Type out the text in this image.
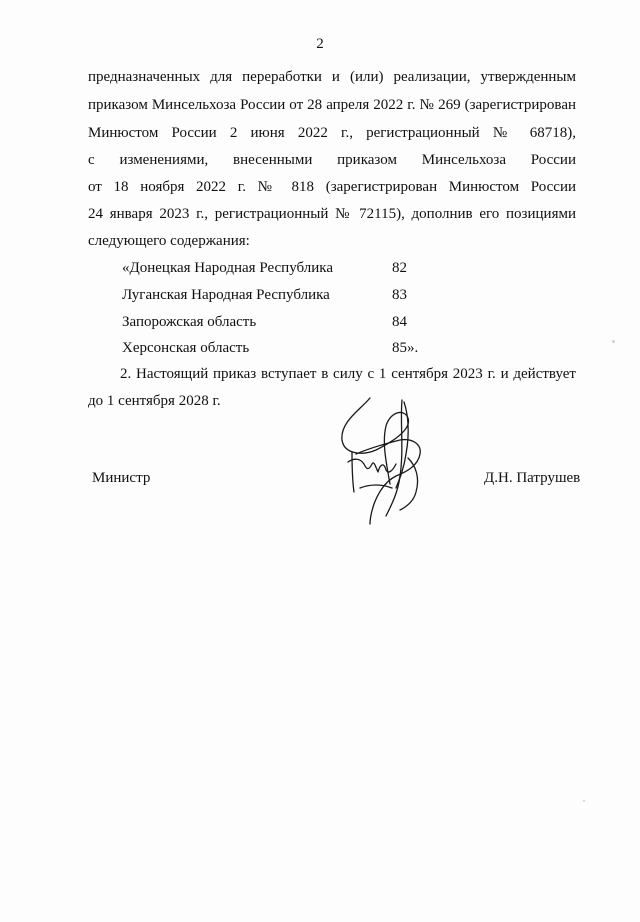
2
предназначенных для переработки и (или) реализации, утвержденным
приказом Минсельхоза России от 28 апреля 2022 г. № 269 (зарегистрирован
Минюстом России 2 июня 2022 г., регистрационный № 68718),
с изменениями, внесенными приказом Минсельхоза России
от 18 ноября 2022 г. № 818 (зарегистрирован Минюстом России
24 января 2023 г., регистрационный № 72115), дополнив его позициями
следующего содержания:
«Донецкая Народная Республика	82
Луганская Народная Республика	83
Запорожская область	84
Херсонская область	85».
2. Настоящий приказ вступает в силу с 1 сентября 2023 г. и действует
до 1 сентября 2028 г.
Министр	Д.Н. Патрушев
